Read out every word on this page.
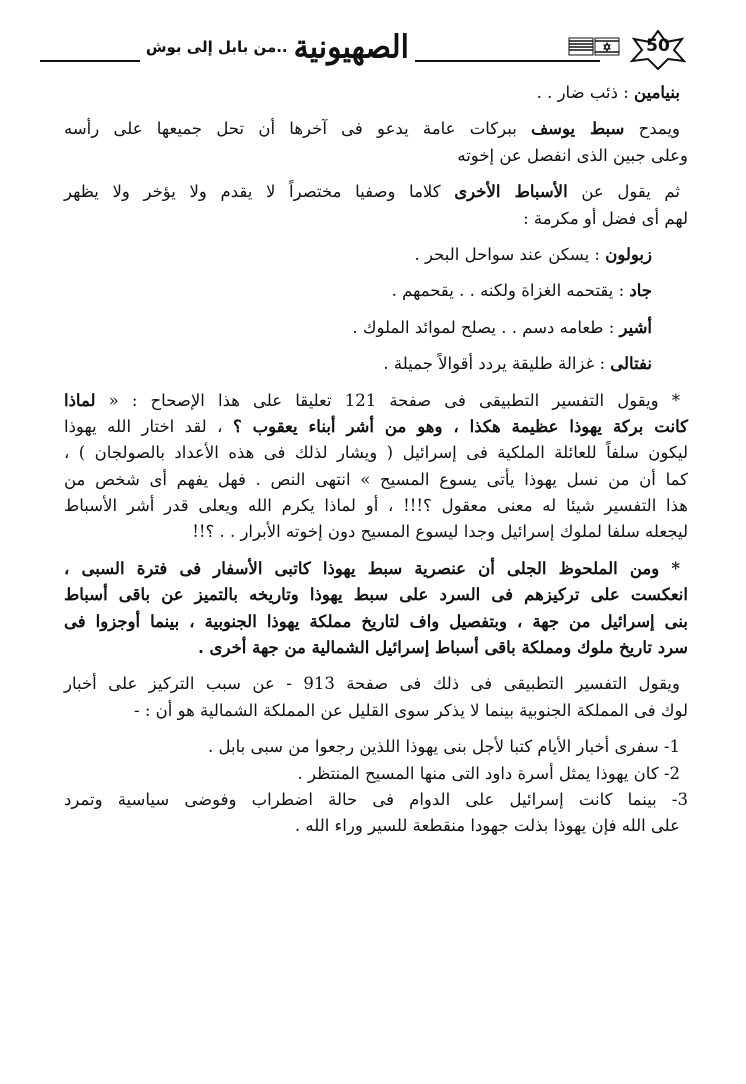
الصهيونية
..من بابل إلى بوش	50
بنيامين : ذئب ضار . .
ويمدح سبط يوسف ببركات عامة يدعو فى آخرها أن تحل جميعها على رأسه
وعلى جبين الذى انفصل عن إخوته
ثم يقول عن الأسباط الأخرى كلاما وصفيا مختصراً لا يقدم ولا يؤخر ولا يظهر
لهم أى فضل أو مكرمة :
زبولون : يسكن عند سواحل البحر .
جاد : يقتحمه الغزاة ولكنه . . يقحمهم .
أشير : طعامه دسم . . يصلح لموائد الملوك .
نفتالى : غزالة طليقة يردد أقوالاً جميلة .
* ويقول التفسير التطبيقى فى صفحة 121 تعليقا على هذا الإصحاح : « لماذا
كانت بركة يهوذا عظيمة هكذا ، وهو من أشر أبناء يعقوب ؟ ، لقد اختار الله يهوذا
ليكون سلفاً للعائلة الملكية فى إسرائيل ( ويشار لذلك فى هذه الأعداد بالصولجان ) ،
كما أن من نسل يهوذا يأتى يسوع المسيح » انتهى النص . فهل يفهم أى شخص من
هذا التفسير شيئا له معنى معقول ؟!!! ، أو لماذا يكرم الله ويعلى قدر أشر الأسباط
ليجعله سلفا لملوك إسرائيل وجدا ليسوع المسيح دون إخوته الأبرار . . ؟!!
* ومن الملحوظ الجلى أن عنصرية سبط يهوذا كاتبى الأسفار فى فترة السبى ،
انعكست على تركيزهم فى السرد على سبط يهوذا وتاريخه بالتميز عن باقى أسباط
بنى إسرائيل من جهة ، وبتفصيل واف لتاريخ مملكة يهوذا الجنوبية ، بينما أوجزوا فى
سرد تاريخ ملوك ومملكة باقى أسباط إسرائيل الشمالية من جهة أخرى .
ويقول التفسير التطبيقى فى ذلك فى صفحة 913 - عن سبب التركيز على أخبار
لوك فى المملكة الجنوبية بينما لا يذكر سوى القليل عن المملكة الشمالية هو أن : -
1- سفرى أخبار الأيام كتبا لأجل بنى يهوذا اللذين رجعوا من سبى بابل .
2- كان يهوذا يمثل أسرة داود التى منها المسيح المنتظر .
3- بينما كانت إسرائيل على الدوام فى حالة اضطراب وفوضى سياسية وتمرد
على الله فإن يهوذا بذلت جهودا منقطعة للسير وراء الله .
